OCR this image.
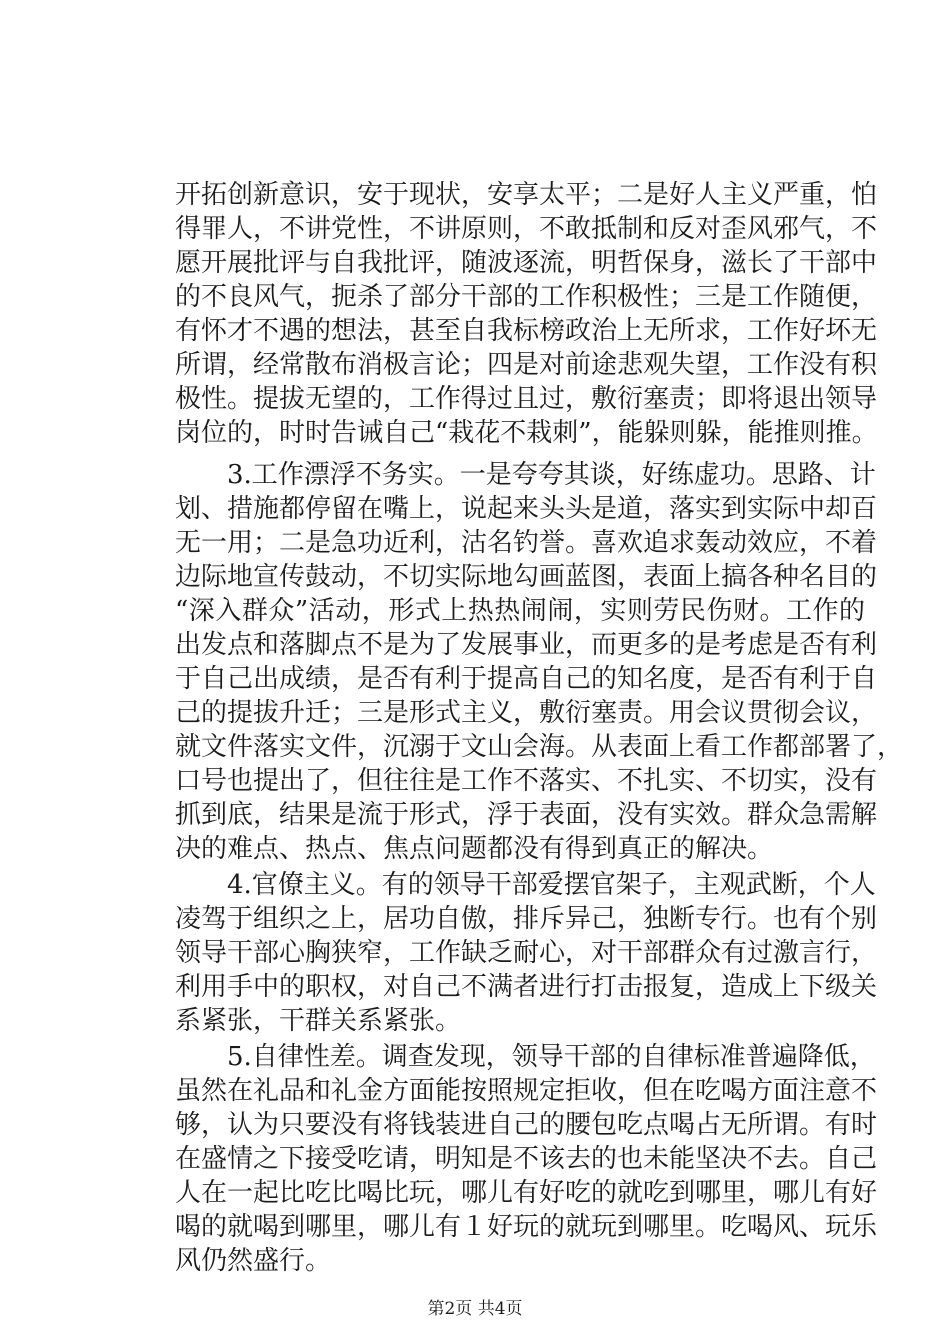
开拓创新意识，安于现状，安享太平；二是好人主义严重，怕
得罪人，不讲党性，不讲原则，不敢抵制和反对歪风邪气，不
愿开展批评与自我批评，随波逐流，明哲保身，滋长了干部中
的不良风气，扼杀了部分干部的工作积极性；三是工作随便，
有怀才不遇的想法，甚至自我标榜政治上无所求，工作好坏无
所谓，经常散布消极言论；四是对前途悲观失望，工作没有积
极性。提拔无望的，工作得过且过，敷衍塞责；即将退出领导
岗位的，时时告诫自己“栽花不栽刺”，能躲则躲，能推则推。
3.工作漂浮不务实。一是夸夸其谈，好练虚功。思路、计
划、措施都停留在嘴上，说起来头头是道，落实到实际中却百
无一用；二是急功近利，沽名钓誉。喜欢追求轰动效应，不着
边际地宣传鼓动，不切实际地勾画蓝图，表面上搞各种名目的
“深入群众”活动，形式上热热闹闹，实则劳民伤财。工作的
出发点和落脚点不是为了发展事业，而更多的是考虑是否有利
于自己出成绩，是否有利于提高自己的知名度，是否有利于自
己的提拔升迁；三是形式主义，敷衍塞责。用会议贯彻会议，
就文件落实文件，沉溺于文山会海。从表面上看工作都部署了，
口号也提出了，但往往是工作不落实、不扎实、不切实，没有
抓到底，结果是流于形式，浮于表面，没有实效。群众急需解
决的难点、热点、焦点问题都没有得到真正的解决。
4.官僚主义。有的领导干部爱摆官架子，主观武断，个人
凌驾于组织之上，居功自傲，排斥异己，独断专行。也有个别
领导干部心胸狭窄，工作缺乏耐心，对干部群众有过激言行，
利用手中的职权，对自己不满者进行打击报复，造成上下级关
系紧张，干群关系紧张。
5.自律性差。调查发现，领导干部的自律标准普遍降低，
虽然在礼品和礼金方面能按照规定拒收，但在吃喝方面注意不
够，认为只要没有将钱装进自己的腰包吃点喝占无所谓。有时
在盛情之下接受吃请，明知是不该去的也未能坚决不去。自己
人在一起比吃比喝比玩，哪儿有好吃的就吃到哪里，哪儿有好
喝的就喝到哪里，哪儿有１好玩的就玩到哪里。吃喝风、玩乐
风仍然盛行。
第2页 共4页
